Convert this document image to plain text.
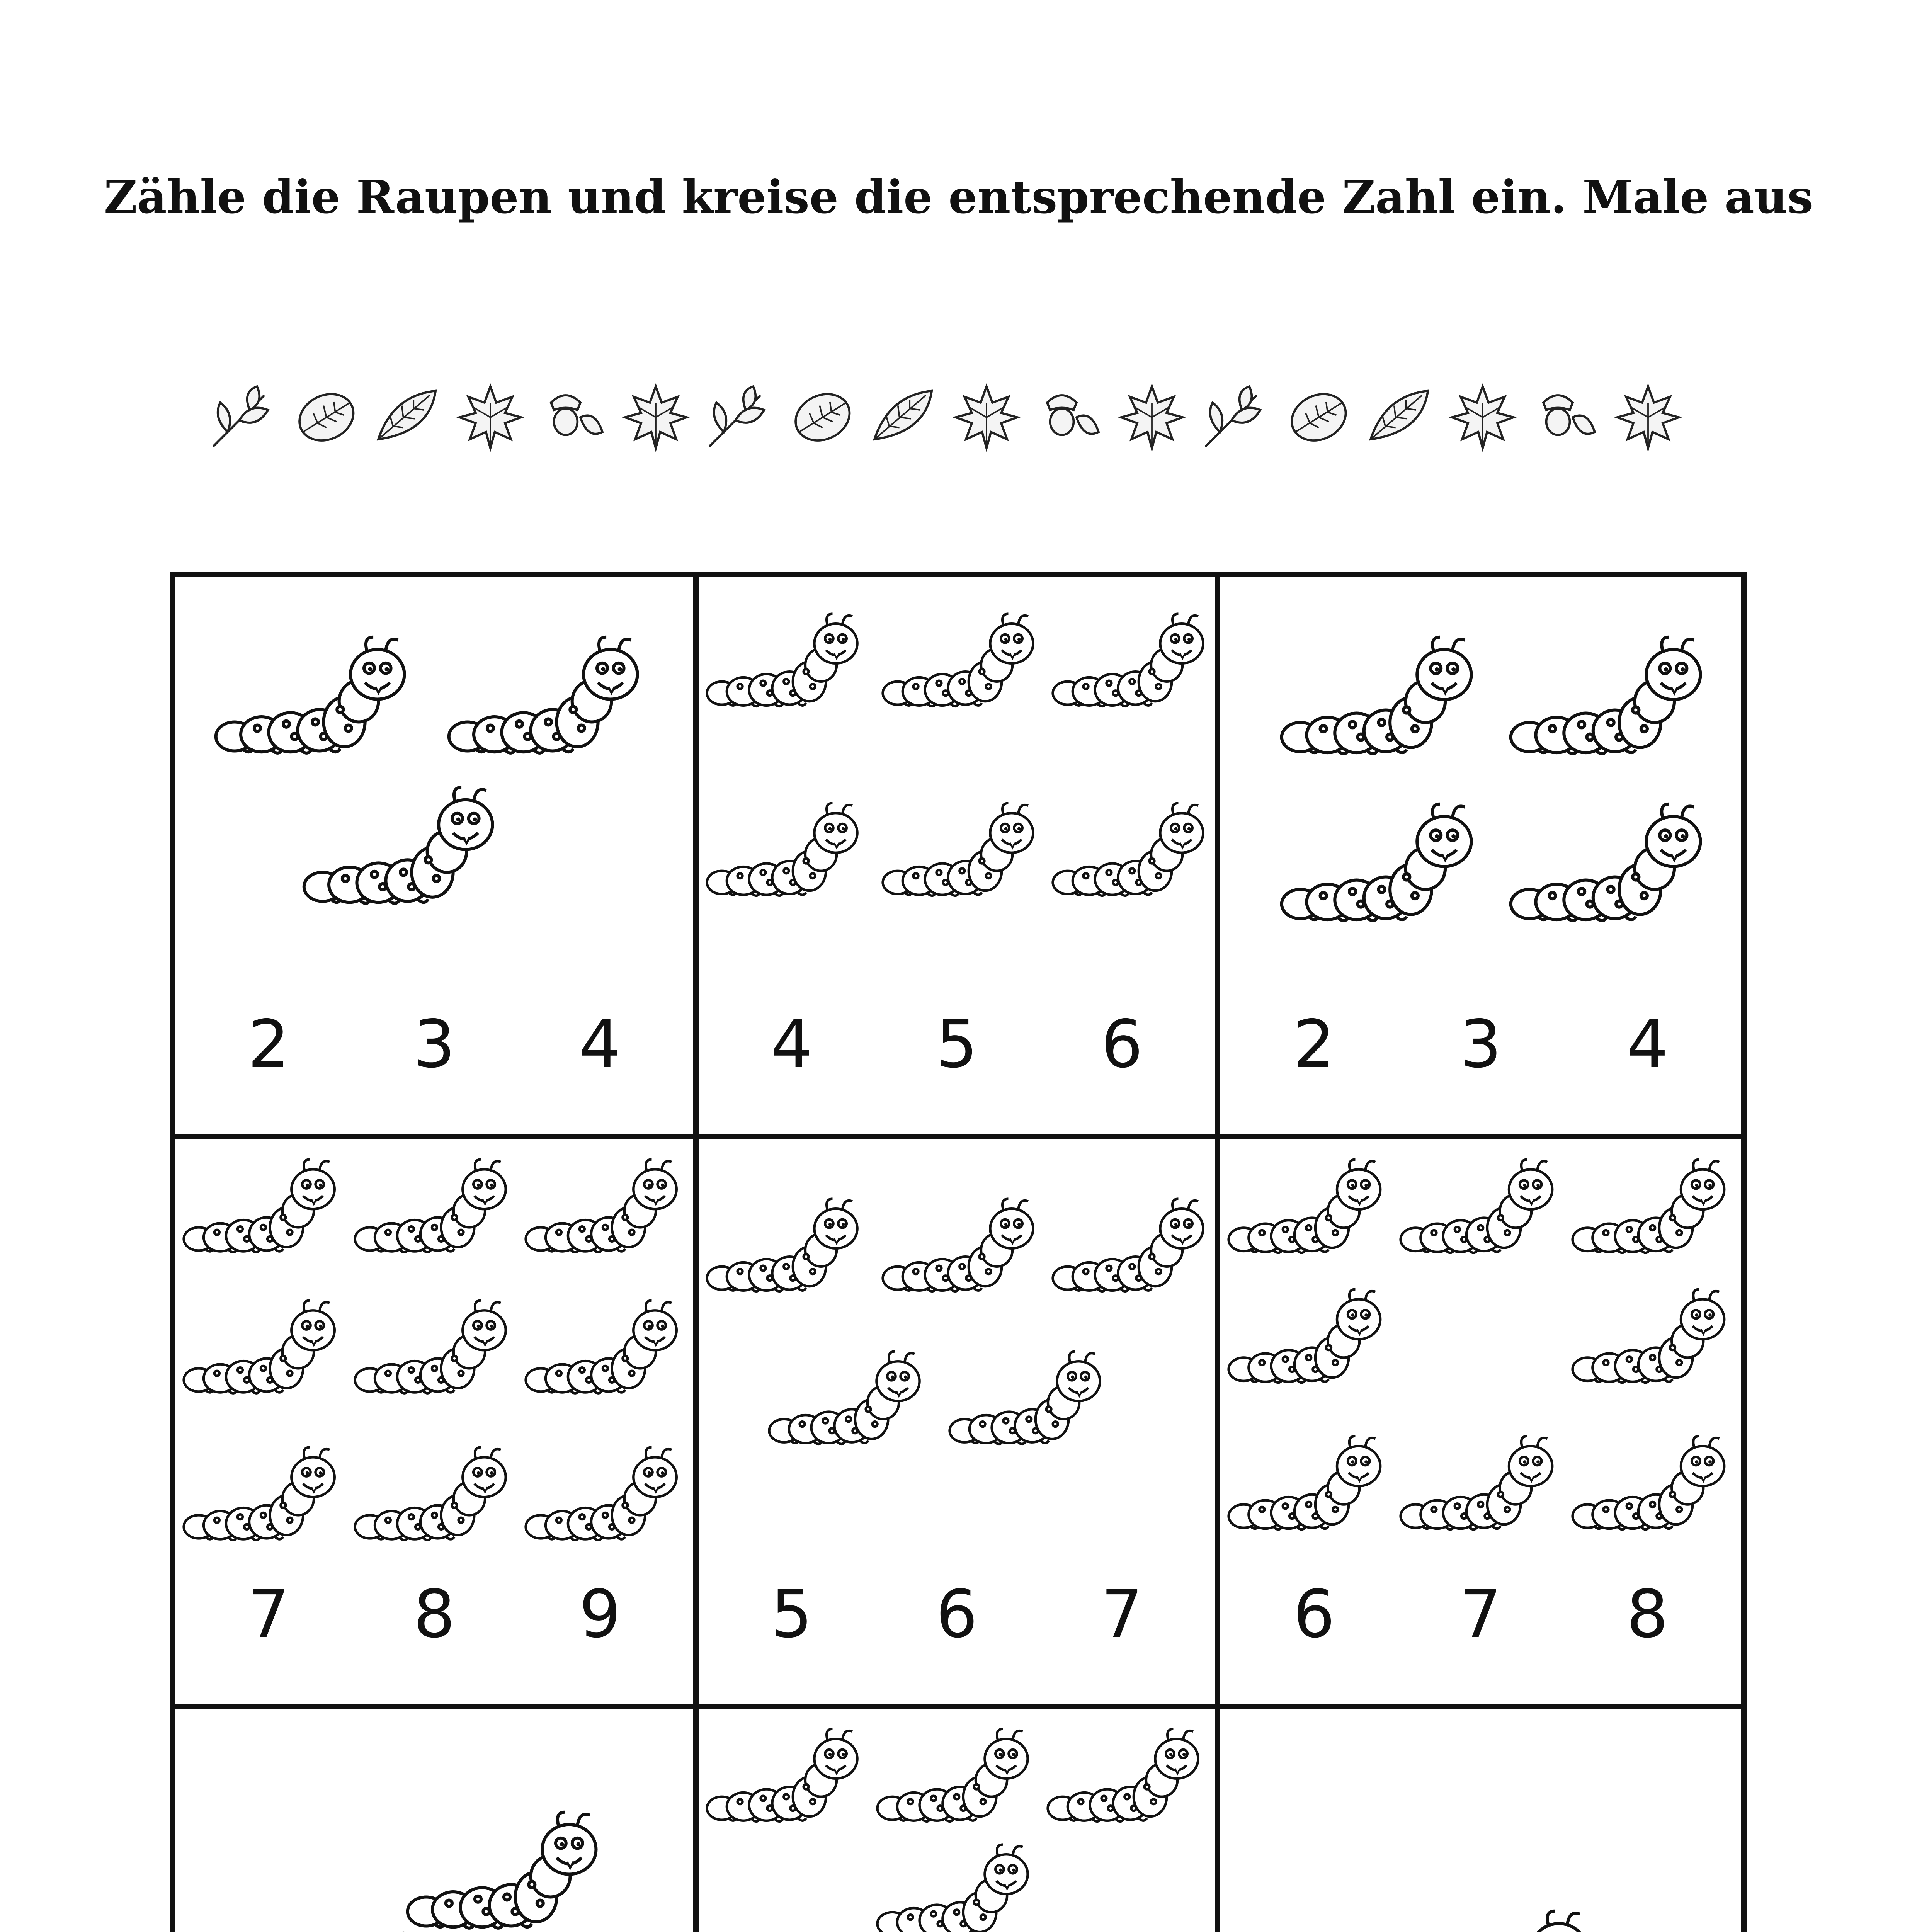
Zähle die Raupen und kreise die entsprechende Zahl ein. Male aus
2 3 4 4 5 6 2 3 4
7 8 9 5 6 7 6 7 8
